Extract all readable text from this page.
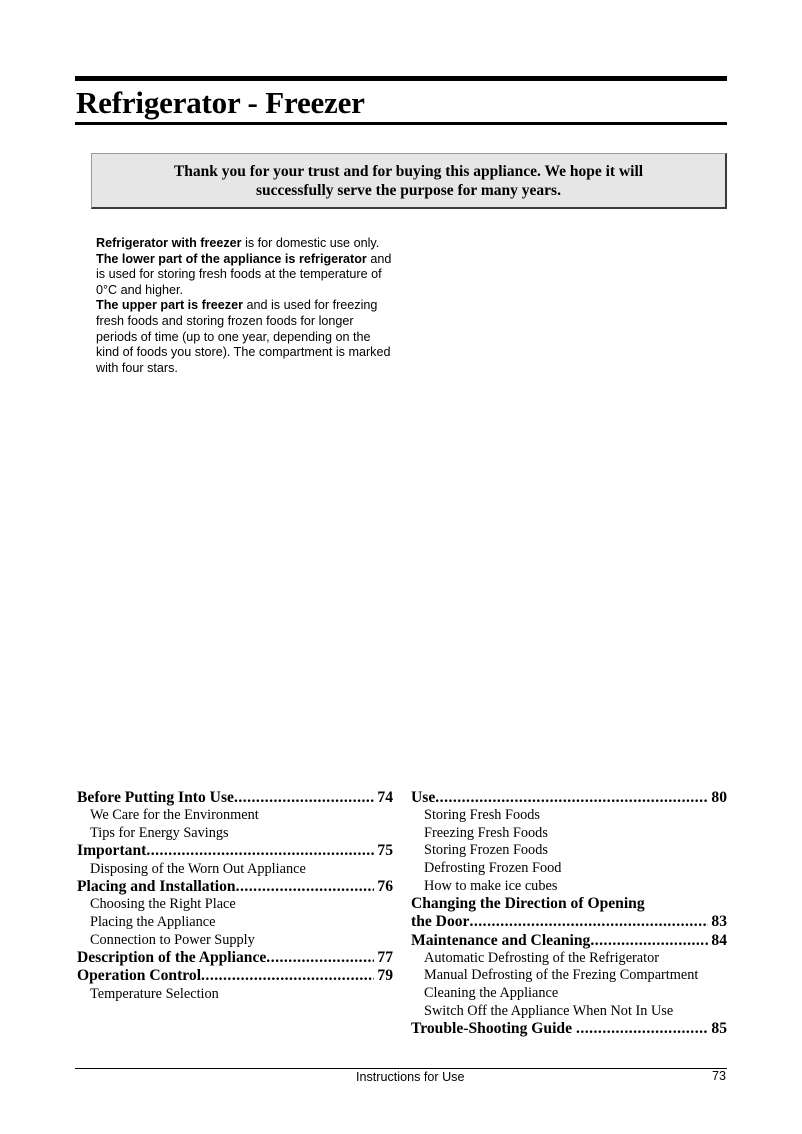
Refrigerator - Freezer
Thank you for your trust and for buying this appliance. We hope it will
successfully serve the purpose for many years.

Refrigerator with freezer is for domestic use only.

The lower part of the appliance is refrigerator and is used for storing fresh foods at the temperature of 0°C and higher.

The upper part is freezer and is used for freezing fresh foods and storing frozen foods for longer periods of time (up to one year, depending on the kind of foods you store). The compartment is marked with four stars.

Before Putting Into Use .....	74
We Care for the Environment
Tips for Energy Savings
Important .....	75
Disposing of the Worn Out Appliance
Placing and Installation .....	76
Choosing the Right Place
Placing the Appliance
Connection to Power Supply
Description of the Appliance .....	77
Operation Control .....	79
Temperature Selection
Use .....	80
Storing Fresh Foods
Freezing Fresh Foods
Storing Frozen Foods
Defrosting Frozen Food
How to make ice cubes
Changing the Direction of Opening
the Door .....	83
Maintenance and Cleaning .....	84
Automatic Defrosting of the Refrigerator
Manual Defrosting of the Frezing Compartment
Cleaning the Appliance
Switch Off the Appliance When Not In Use
Trouble-Shooting Guide .....	85
Instructions for Use	73
